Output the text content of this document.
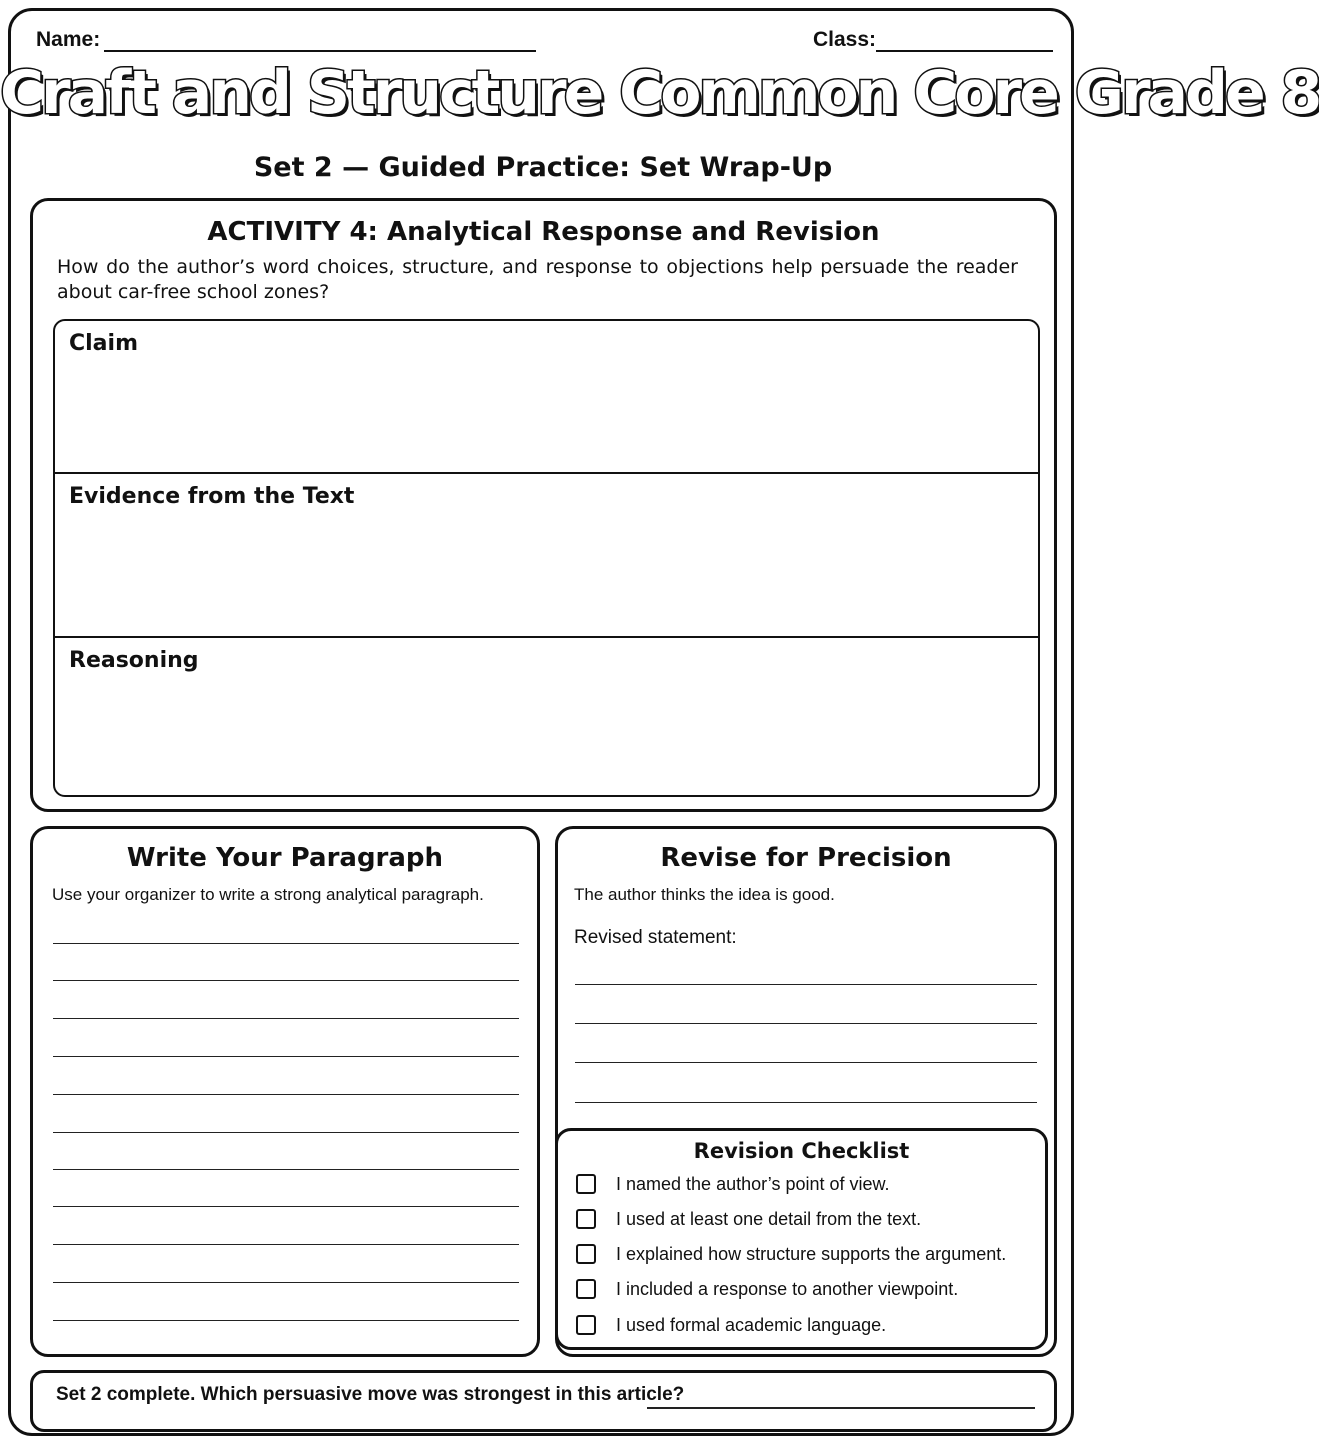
Name:	Class:
Craft and Structure Common Core Grade 8
Set 2 — Guided Practice: Set Wrap-Up
ACTIVITY 4: Analytical Response and Revision
How do the author’s word choices, structure, and response to objections help persuade the reader about car-free school zones?
Claim
Evidence from the Text
Reasoning
Write Your Paragraph
Use your organizer to write a strong analytical paragraph.
Revise for Precision
The author thinks the idea is good.
Revised statement:
Revision Checklist
I named the author’s point of view.
I used at least one detail from the text.
I explained how structure supports the argument.
I included a response to another viewpoint.
I used formal academic language.
Set 2 complete. Which persuasive move was strongest in this article?
